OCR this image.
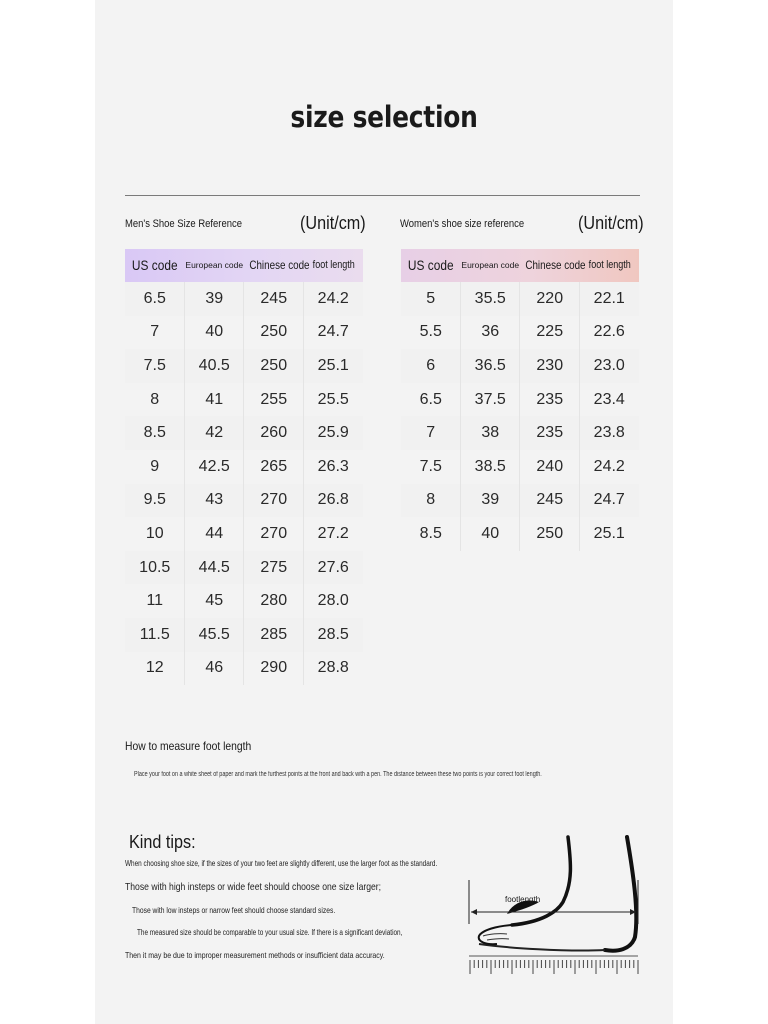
size selection
Men's Shoe Size Reference	(Unit/cm)
US code European code Chinese code foot length
6.5	39	245	24.2
7	40	250	24.7
7.5	40.5	250	25.1
8	41	255	25.5
8.5	42	260	25.9
9	42.5	265	26.3
9.5	43	270	26.8
10	44	270	27.2
10.5	44.5	275	27.6
11	45	280	28.0
11.5	45.5	285	28.5
12	46	290	28.8
Women's shoe size reference	(Unit/cm)
US code European code Chinese code foot length
5	35.5	220	22.1
5.5	36	225	22.6
6	36.5	230	23.0
6.5	37.5	235	23.4
7	38	235	23.8
7.5	38.5	240	24.2
8	39	245	24.7
8.5	40	250	25.1
How to measure foot length
Place your foot on a white sheet of paper and mark the furthest points at the front and back with a pen. The distance between these two points is your correct foot length.
Kind tips:
When choosing shoe size, if the sizes of your two feet are slightly different, use the larger foot as the standard.
Those with high insteps or wide feet should choose one size larger;
Those with low insteps or narrow feet should choose standard sizes.
The measured size should be comparable to your usual size. If there is a significant deviation,
Then it may be due to improper measurement methods or insufficient data accuracy.
footlength
